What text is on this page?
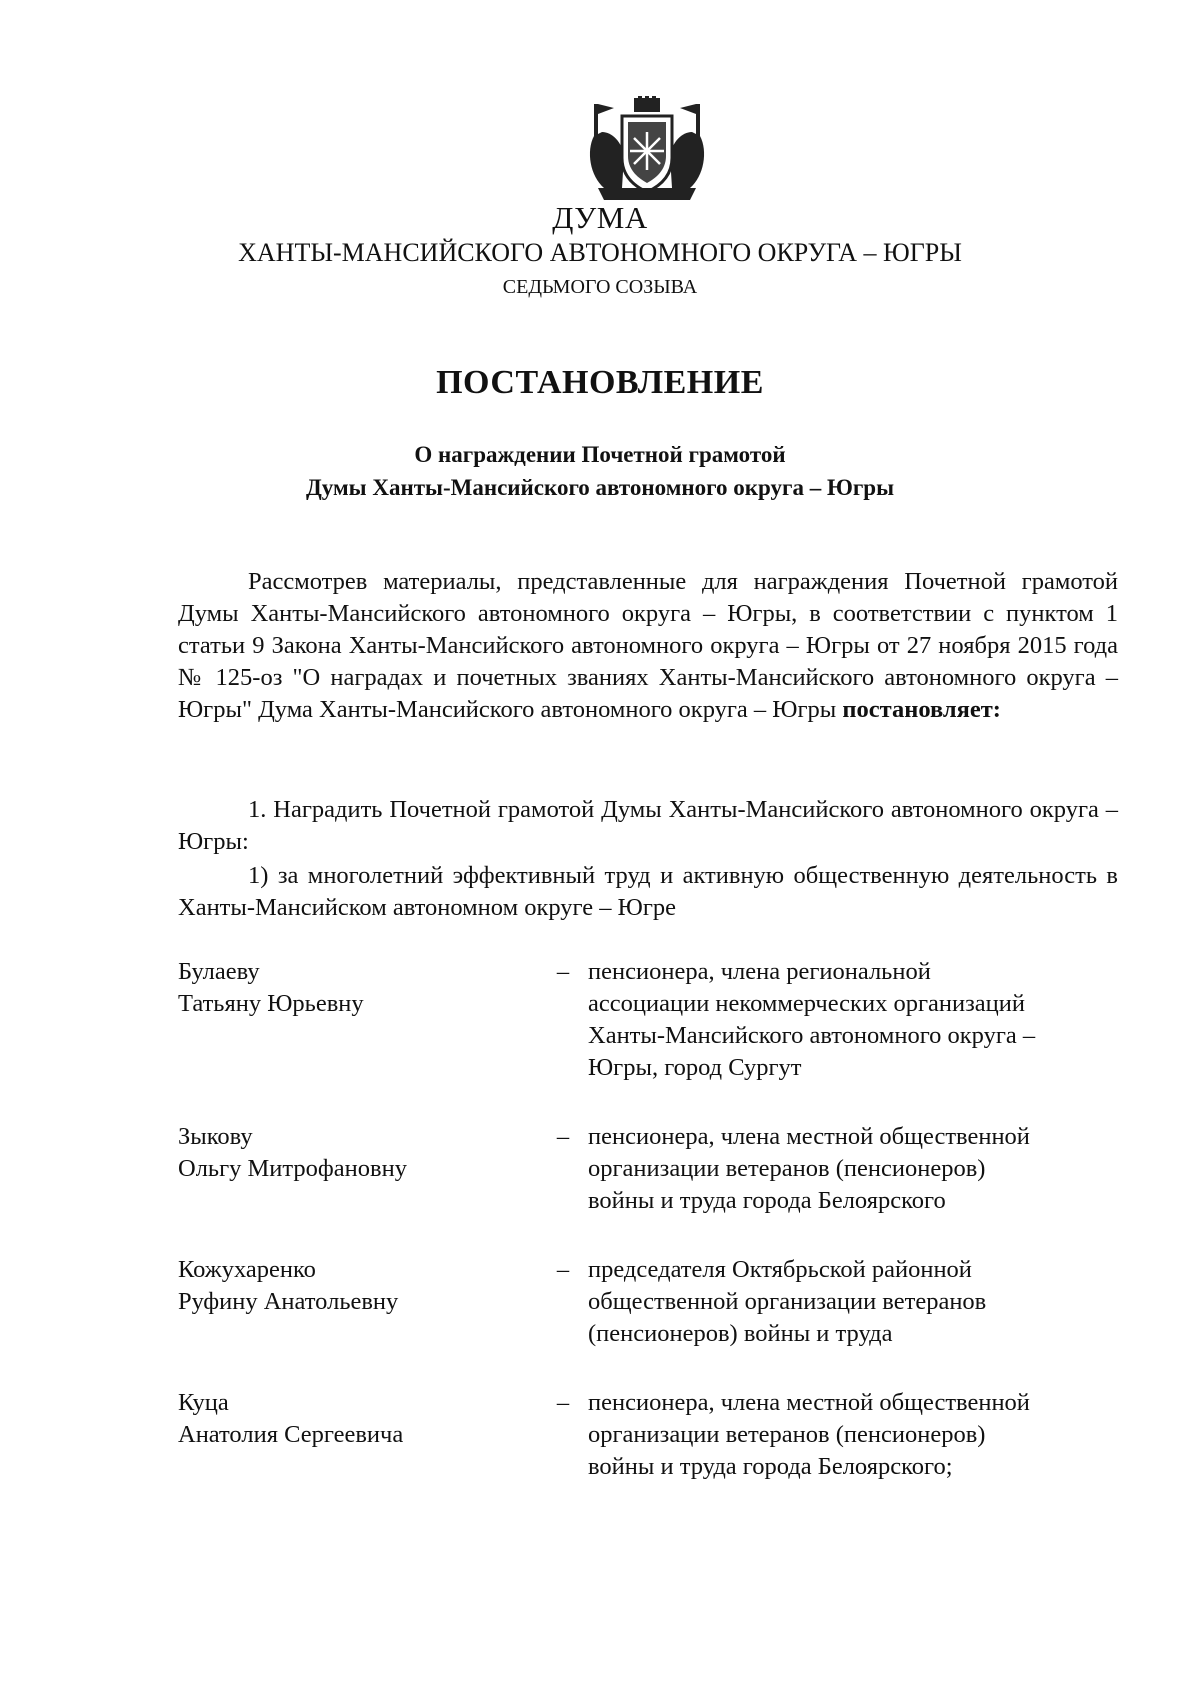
ДУМА
ХАНТЫ-МАНСИЙСКОГО АВТОНОМНОГО ОКРУГА – ЮГРЫ
СЕДЬМОГО СОЗЫВА
ПОСТАНОВЛЕНИЕ
О награждении Почетной грамотой
Думы Ханты-Мансийского автономного округа – Югры
Рассмотрев материалы, представленные для награждения Почетной грамотой Думы Ханты-Мансийского автономного округа – Югры, в соответствии с пунктом 1 статьи 9 Закона Ханты-Мансийского автономного округа – Югры от 27 ноября 2015 года № 125-оз "О наградах и почетных званиях Ханты-Мансийского автономного округа – Югры" Дума Ханты-Мансийского автономного округа – Югры постановляет:
1. Наградить Почетной грамотой Думы Ханты-Мансийского автономного округа – Югры:
1) за многолетний эффективный труд и активную общественную деятельность в Ханты-Мансийском автономном округе – Югре
Булаеву
Татьяну Юрьевну
– пенсионера, члена региональной
ассоциации некоммерческих организаций
Ханты-Мансийского автономного округа –
Югры, город Сургут
Зыкову
Ольгу Митрофановну
– пенсионера, члена местной общественной
организации ветеранов (пенсионеров)
войны и труда города Белоярского
Кожухаренко
Руфину Анатольевну
– председателя Октябрьской районной
общественной организации ветеранов
(пенсионеров) войны и труда
Куца
Анатолия Сергеевича
– пенсионера, члена местной общественной
организации ветеранов (пенсионеров)
войны и труда города Белоярского;
